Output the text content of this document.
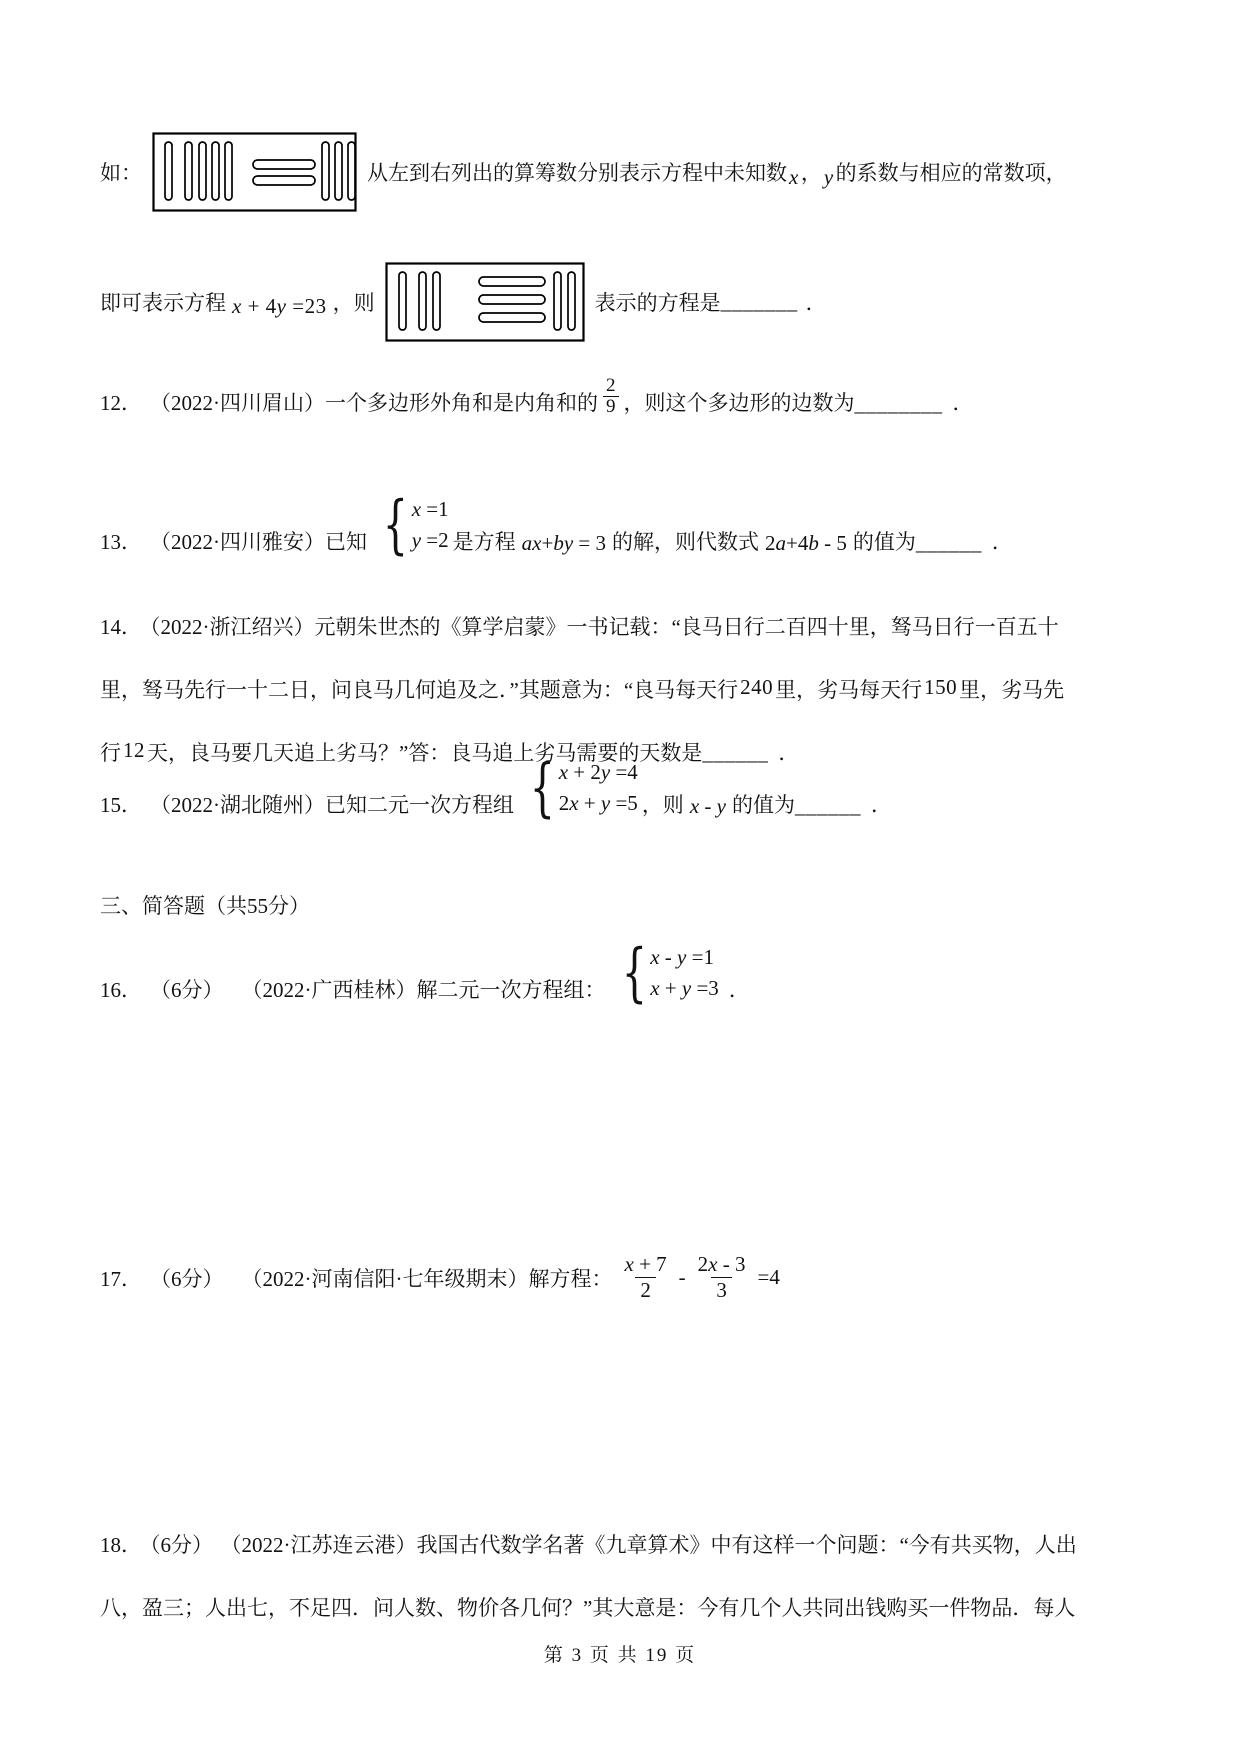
如：	从左到右列出的算筹数分别表示方程中未知数 x ， y 的系数与相应的常数项，
即可表示方程 x + 4y =23 ，则	表示的方程是 _______ ．
12． （2022·四川眉山）一个多边形外角和是内角和的 $\frac{2}{9}$ ，则这个多边形的边数为 ________ ．
13． （2022·四川雅安）已知 { x =1
y =2 是方程 ax+by = 3 的解，则代数式 2a+4b - 5 的值为 ______ ．
14． （2022·浙江绍兴）元朝朱世杰的《算学启蒙》一书记载：“良马日行二百四十里，驽马日行一百五十
里，驽马先行一十二日，问良马几何追及之．”其题意为：“良马每天行240里，劣马每天行150里，劣马先
行12天，良马要几天追上劣马？”答：良马追上劣马需要的天数是______ ．
15． （2022·湖北随州）已知二元一次方程组 { x + 2y =4
2x + y =5 ，则 x - y 的值为 ______ ．
三、简答题（共55分）
16． （6分） （2022·广西桂林）解二元一次方程组： { x - y =1
x + y =3 ．
17． （6分） （2022·河南信阳·七年级期末）解方程： $\frac{x + 7}{2} - \frac{2x - 3}{3} =4$
18． （6分） （2022·江苏连云港）我国古代数学名著《九章算术》中有这样一个问题：“今有共买物，人出
八，盈三；人出七，不足四．问人数、物价各几何？”其大意是：今有几个人共同出钱购买一件物品．每人
第 3 页 共 19 页
